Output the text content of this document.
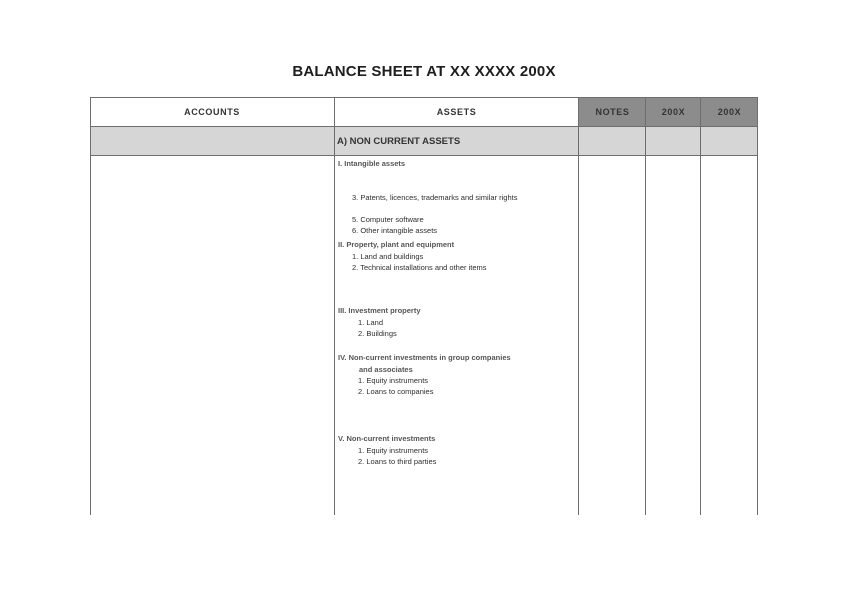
BALANCE SHEET AT XX XXXX 200X
ACCOUNTS	ASSETS	NOTES	200X	200X
A) NON CURRENT ASSETS
I. Intangible assets
3. Patents, licences, trademarks and similar rights
5. Computer software
6. Other intangible assets
II. Property, plant and equipment
1. Land and buildings
2. Technical installations and other items
III. Investment property
1. Land
2. Buildings
IV. Non-current investments in group companies
and associates
1. Equity instruments
2. Loans to companies
V. Non-current investments
1. Equity instruments
2. Loans to third parties
